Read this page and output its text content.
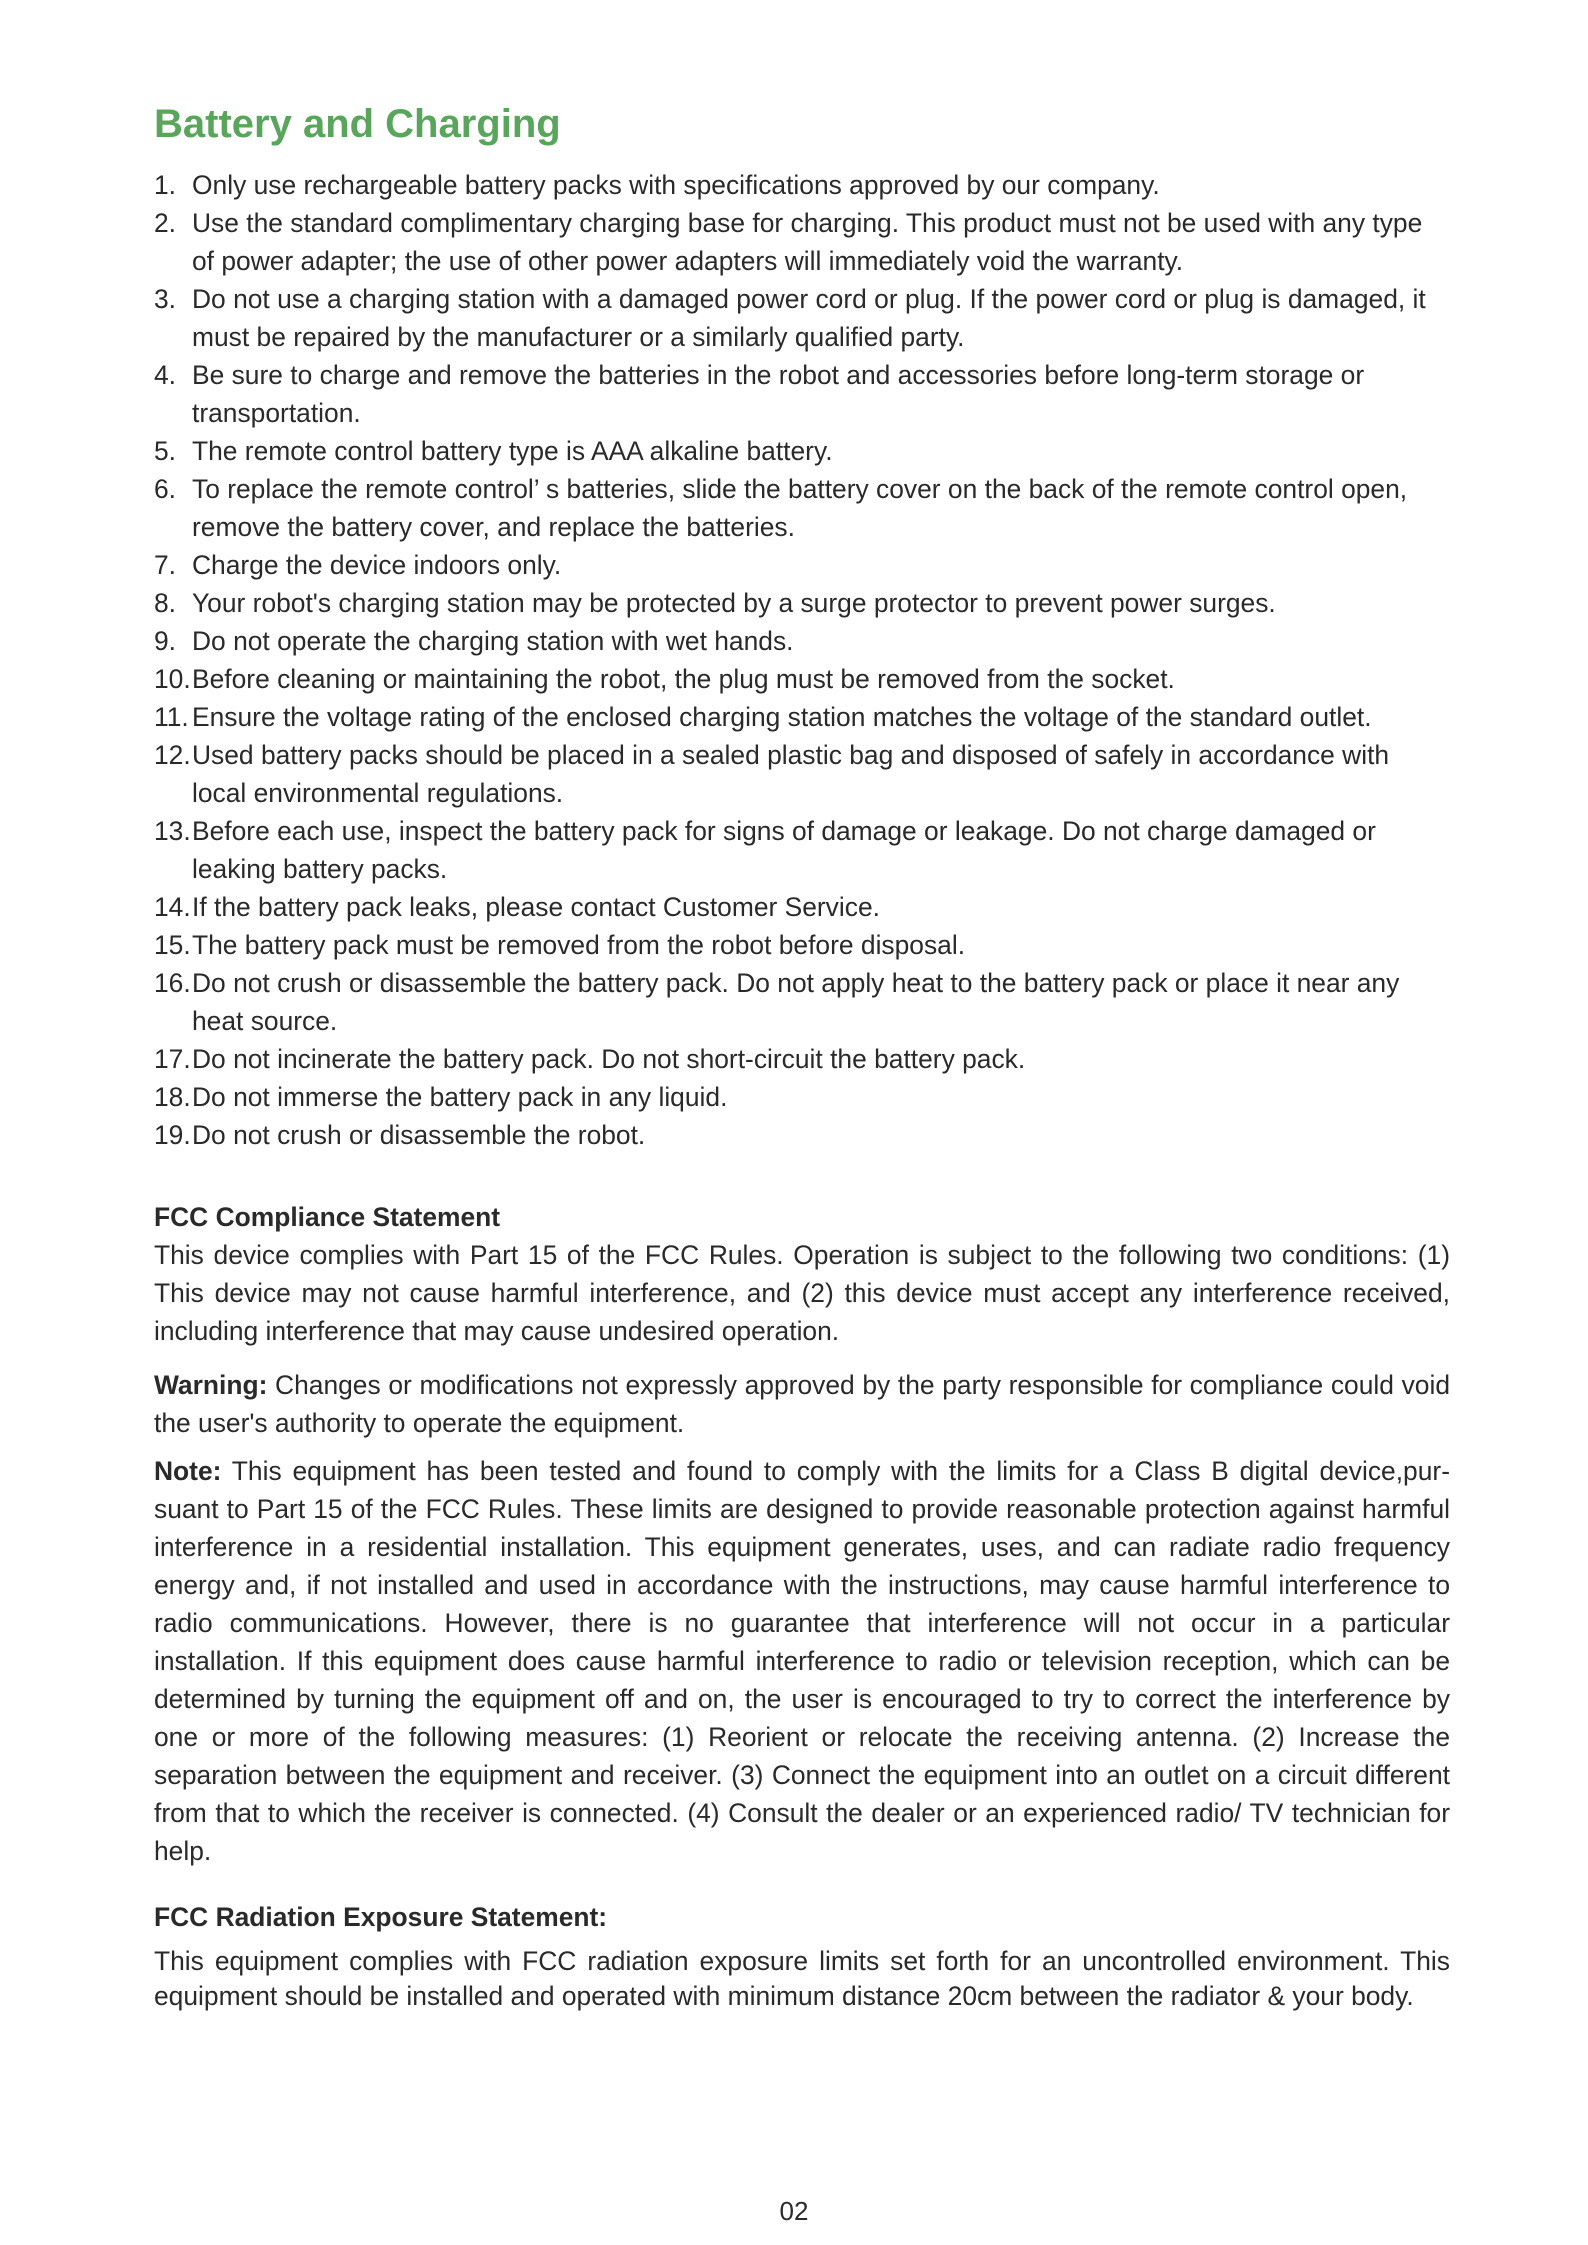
Battery and Charging
1. Only use rechargeable battery packs with specifications approved by our company.
2. Use the standard complimentary charging base for charging. This product must not be used with any type of power adapter; the use of other power adapters will immediately void the warranty.
3. Do not use a charging station with a damaged power cord or plug. If the power cord or plug is damaged, it must be repaired by the manufacturer or a similarly qualified party.
4. Be sure to charge and remove the batteries in the robot and accessories before long-term storage or transportation.
5. The remote control battery type is AAA alkaline battery.
6. To replace the remote control’ s batteries, slide the battery cover on the back of the remote control open, remove the battery cover, and replace the batteries.
7. Charge the device indoors only.
8. Your robot's charging station may be protected by a surge protector to prevent power surges.
9. Do not operate the charging station with wet hands.
10. Before cleaning or maintaining the robot, the plug must be removed from the socket.
11. Ensure the voltage rating of the enclosed charging station matches the voltage of the standard outlet.
12. Used battery packs should be placed in a sealed plastic bag and disposed of safely in accordance with local environmental regulations.
13. Before each use, inspect the battery pack for signs of damage or leakage. Do not charge damaged or leaking battery packs.
14. If the battery pack leaks, please contact Customer Service.
15. The battery pack must be removed from the robot before disposal.
16. Do not crush or disassemble the battery pack. Do not apply heat to the battery pack or place it near any heat source.
17. Do not incinerate the battery pack. Do not short-circuit the battery pack.
18. Do not immerse the battery pack in any liquid.
19. Do not crush or disassemble the robot.
FCC Compliance Statement

This device complies with Part 15 of the FCC Rules. Operation is subject to the following two conditions: (1) This device may not cause harmful interference, and (2) this device must accept any interference received, including interference that may cause undesired operation.

Warning: Changes or modifications not expressly approved by the party responsible for compliance could void the user's authority to operate the equipment.

Note: This equipment has been tested and found to comply with the limits for a Class B digital device,pur-suant to Part 15 of the FCC Rules. These limits are designed to provide reasonable protection against harmful interference in a residential installation. This equipment generates, uses, and can radiate radio frequency energy and, if not installed and used in accordance with the instructions, may cause harmful interference to radio communications. However, there is no guarantee that interference will not occur in a particular installation. If this equipment does cause harmful interference to radio or television reception, which can be determined by turning the equipment off and on, the user is encouraged to try to correct the interference by one or more of the following measures: (1) Reorient or relocate the receiving antenna. (2) Increase the separation between the equipment and receiver. (3) Connect the equipment into an outlet on a circuit different from that to which the receiver is connected. (4) Consult the dealer or an experienced radio/ TV technician for help.

FCC Radiation Exposure Statement:

This equipment complies with FCC radiation exposure limits set forth for an uncontrolled environment. This equipment should be installed and operated with minimum distance 20cm between the radiator & your body.

02
